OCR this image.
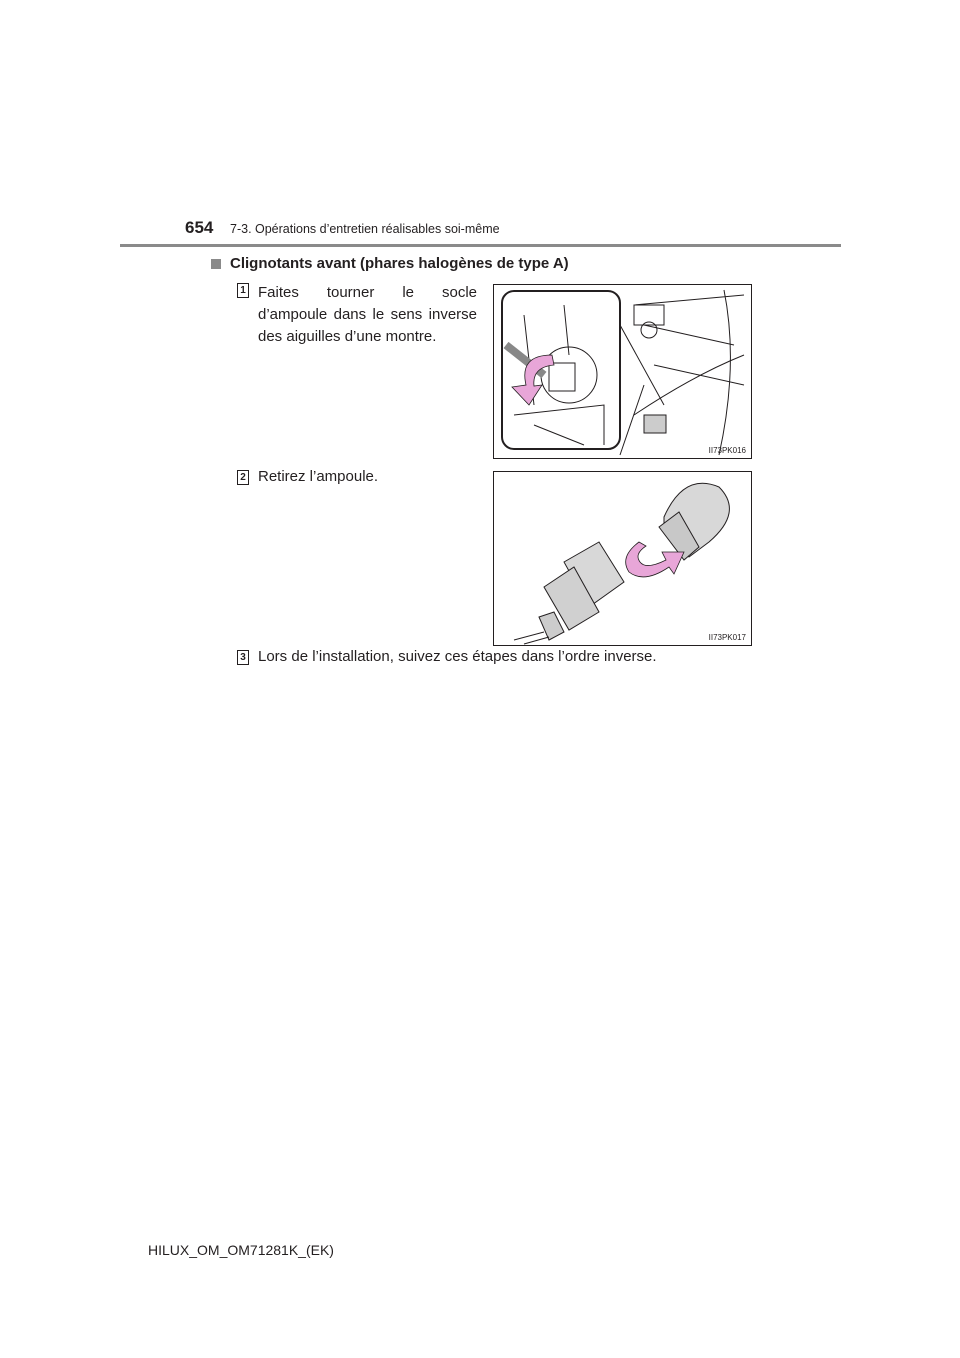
654 7-3. Opérations d’entretien réalisables soi-même
Clignotants avant (phares halogènes de type A)
1 Faites tourner le socle d’ampoule dans le sens inverse des aiguilles d’une montre.
II73PK016
2 Retirez l’ampoule.
II73PK017
3 Lors de l’installation, suivez ces étapes dans l’ordre inverse.
HILUX_OM_OM71281K_(EK)
